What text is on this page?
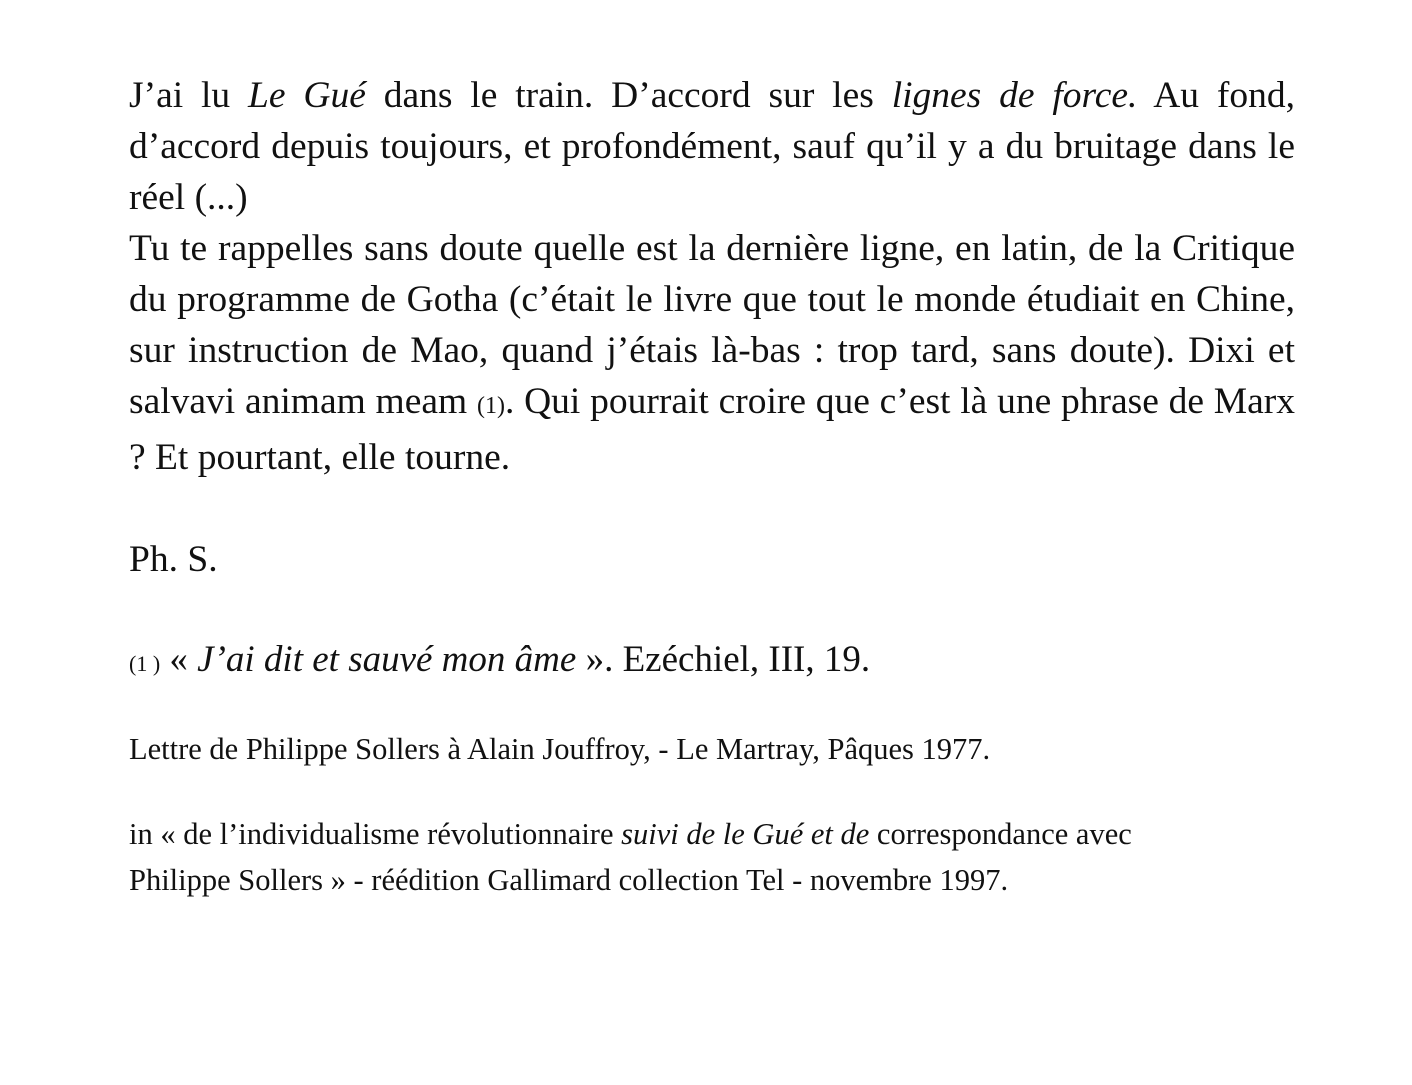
J’ai lu Le Gué dans le train. D’accord sur les lignes de force. Au fond, d’accord depuis toujours, et profondément, sauf qu’il y a du bruitage dans le réel (...)

Tu te rappelles sans doute quelle est la dernière ligne, en latin, de la Critique du programme de Gotha (c’était le livre que tout le monde étudiait en Chine, sur instruction de Mao, quand j’étais là-bas : trop tard, sans doute). Dixi et salvavi animam meam (1). Qui pourrait croire que c’est là une phrase de Marx ? Et pourtant, elle tourne.

Ph. S.
(1 ) « J’ai dit et sauvé mon âme ». Ezéchiel, III, 19.
Lettre de Philippe Sollers à Alain Jouffroy, - Le Martray, Pâques 1977.
in « de l’individualisme révolutionnaire suivi de le Gué et de correspondance avec Philippe Sollers » - réédition Gallimard collection Tel - novembre 1997.
